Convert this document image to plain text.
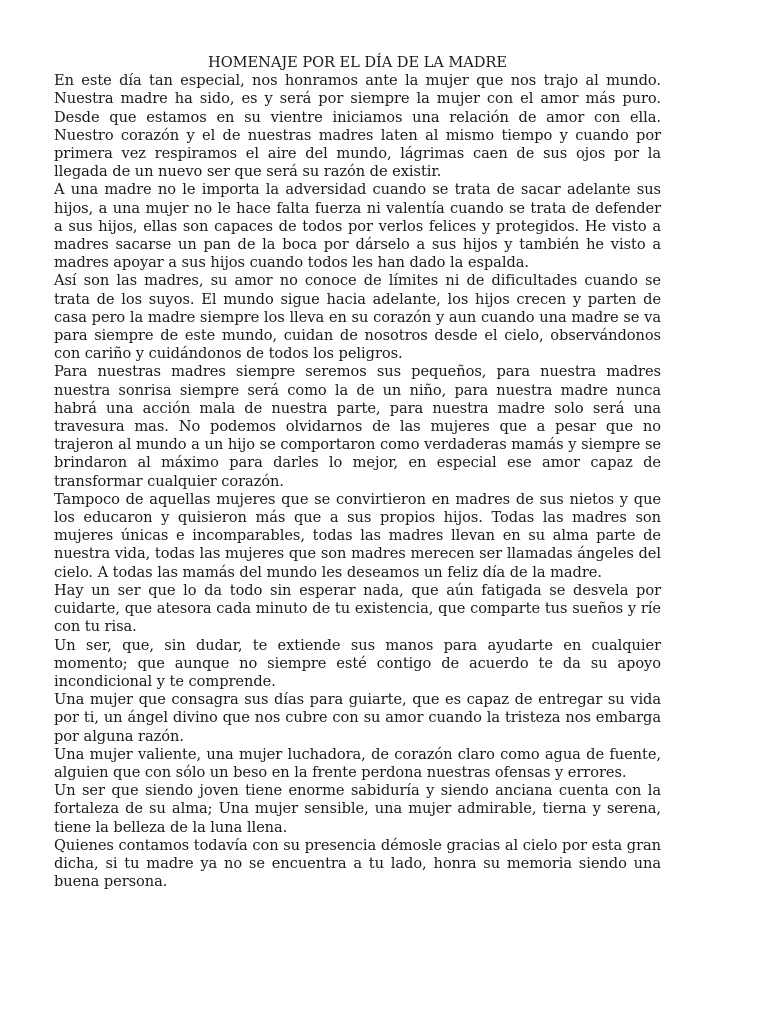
HOMENAJE POR EL DÍA DE LA MADRE

En este día tan especial, nos honramos ante la mujer que nos trajo al mundo. Nuestra madre ha sido, es y será por siempre la mujer con el amor más puro. Desde que estamos en su vientre iniciamos una relación de amor con ella. Nuestro corazón y el de nuestras madres laten al mismo tiempo y cuando por primera vez respiramos el aire del mundo, lágrimas caen de sus ojos por la llegada de un nuevo ser que será su razón de existir.

A una madre no le importa la adversidad cuando se trata de sacar adelante sus hijos, a una mujer no le hace falta fuerza ni valentía cuando se trata de defender a sus hijos, ellas son capaces de todos por verlos felices y protegidos. He visto a madres sacarse un pan de la boca por dárselo a sus hijos y también he visto a madres apoyar a sus hijos cuando todos les han dado la espalda.

Así son las madres, su amor no conoce de límites ni de dificultades cuando se trata de los suyos. El mundo sigue hacia adelante, los hijos crecen y parten de casa pero la madre siempre los lleva en su corazón y aun cuando una madre se va para siempre de este mundo, cuidan de nosotros desde el cielo, observándonos con cariño y cuidándonos de todos los peligros.

Para nuestras madres siempre seremos sus pequeños, para nuestra madres nuestra sonrisa siempre será como la de un niño, para nuestra madre nunca habrá una acción mala de nuestra parte, para nuestra madre solo será una travesura mas. No podemos olvidarnos de las mujeres que a pesar que no trajeron al mundo a un hijo se comportaron como verdaderas mamás y siempre se brindaron al máximo para darles lo mejor, en especial ese amor capaz de transformar cualquier corazón.

Tampoco de aquellas mujeres que se convirtieron en madres de sus nietos y que los educaron y quisieron más que a sus propios hijos. Todas las madres son mujeres únicas e incomparables, todas las madres llevan en su alma parte de nuestra vida, todas las mujeres que son madres merecen ser llamadas ángeles del cielo. A todas las mamás del mundo les deseamos un feliz día de la madre.

Hay un ser que lo da todo sin esperar nada, que aún fatigada se desvela por cuidarte, que atesora cada minuto de tu existencia, que comparte tus sueños y ríe con tu risa.

Un ser, que, sin dudar, te extiende sus manos para ayudarte en cualquier momento; que aunque no siempre esté contigo de acuerdo te da su apoyo incondicional y te comprende.

Una mujer que consagra sus días para guiarte, que es capaz de entregar su vida por ti, un ángel divino que nos cubre con su amor cuando la tristeza nos embarga por alguna razón.

Una mujer valiente, una mujer luchadora, de corazón claro como agua de fuente, alguien que con sólo un beso en la frente perdona nuestras ofensas y errores.

Un ser que siendo joven tiene enorme sabiduría y siendo anciana cuenta con la fortaleza de su alma; Una mujer sensible, una mujer admirable, tierna y serena, tiene la belleza de la luna llena.

Quienes contamos todavía con su presencia démosle gracias al cielo por esta gran dicha, si tu madre ya no se encuentra a tu lado, honra su memoria siendo una buena persona.
